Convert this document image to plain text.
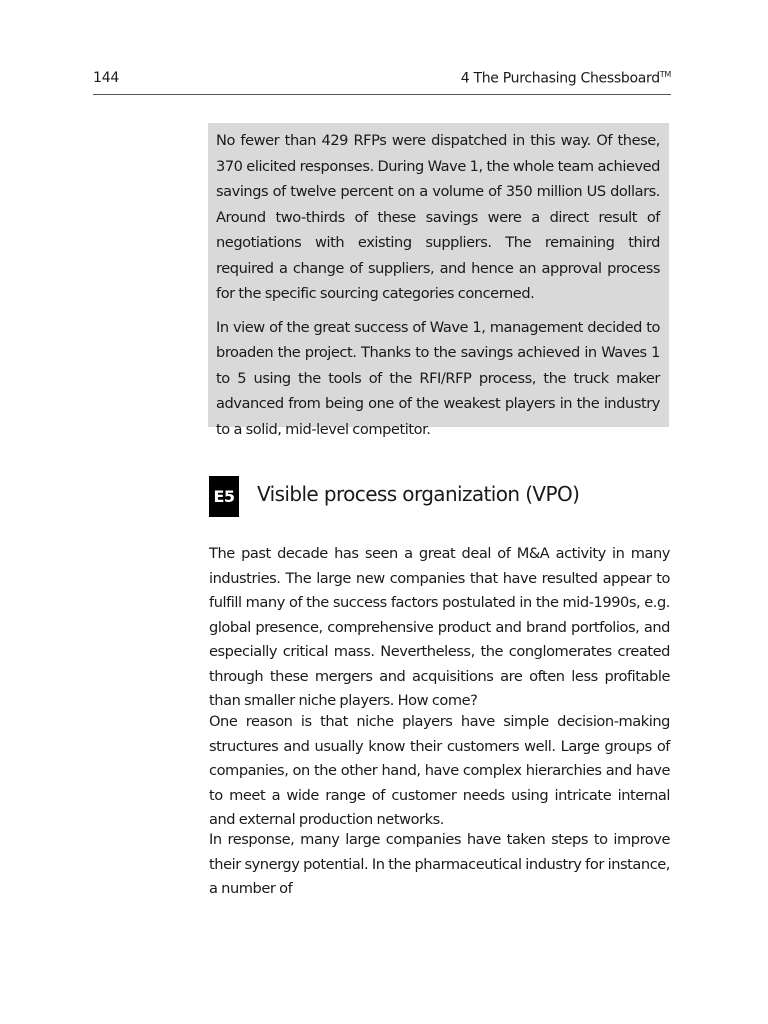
144	4 The Purchasing Chessboard™

No fewer than 429 RFPs were dispatched in this way. Of these, 370 elicited responses. During Wave 1, the whole team achieved savings of twelve percent on a volume of 350 million US dollars. Around two-thirds of these savings were a direct result of negotiations with existing suppliers. The remaining third required a change of suppliers, and hence an approval process for the specific sourcing categories concerned.

In view of the great success of Wave 1, management decided to broaden the project. Thanks to the savings achieved in Waves 1 to 5 using the tools of the RFI/RFP process, the truck maker advanced from being one of the weakest players in the industry to a solid, mid-level competitor.

E5 Visible process organization (VPO)

The past decade has seen a great deal of M&A activity in many industries. The large new companies that have resulted appear to fulfill many of the success factors postulated in the mid-1990s, e.g. global presence, comprehensive product and brand portfolios, and especially critical mass. Nevertheless, the conglomerates created through these mergers and acquisitions are often less profitable than smaller niche players. How come?

One reason is that niche players have simple decision-making structures and usually know their customers well. Large groups of companies, on the other hand, have complex hierarchies and have to meet a wide range of customer needs using intricate internal and external production networks.

In response, many large companies have taken steps to improve their synergy potential. In the pharmaceutical industry for instance, a number of
